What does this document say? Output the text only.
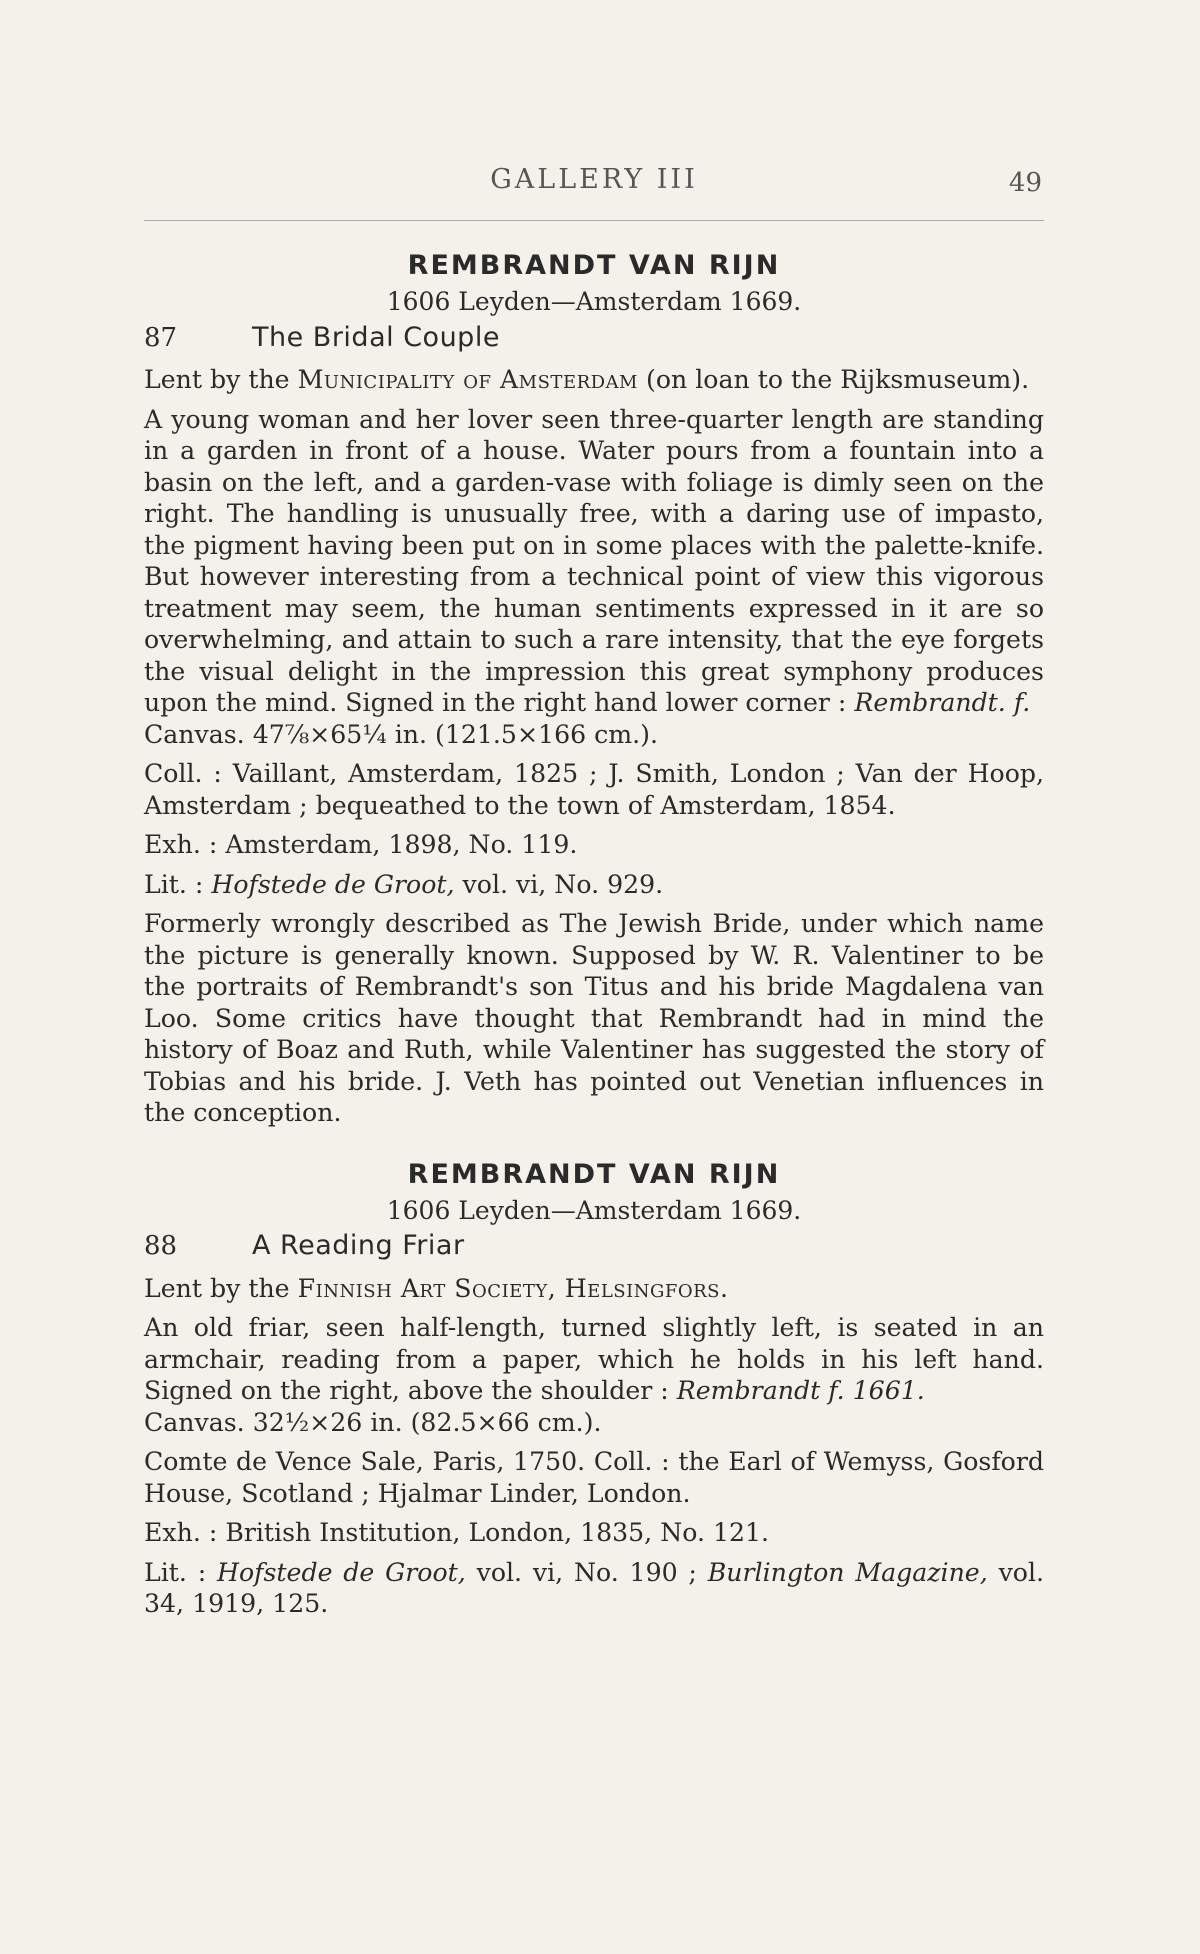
GALLERY III	49
REMBRANDT VAN RIJN
1606 Leyden—Amsterdam 1669.
87	The Bridal Couple

Lent by the Municipality of Amsterdam (on loan to the Rijksmuseum).

A young woman and her lover seen three-quarter length are standing in a garden in front of a house. Water pours from a fountain into a basin on the left, and a garden-vase with foliage is dimly seen on the right. The handling is unusually free, with a daring use of impasto, the pigment having been put on in some places with the palette-knife. But however interesting from a technical point of view this vigorous treatment may seem, the human sentiments expressed in it are so overwhelming, and attain to such a rare intensity, that the eye forgets the visual delight in the impression this great symphony produces upon the mind. Signed in the right hand lower corner : Rembrandt. f.
Canvas. 47⅞×65¼ in. (121.5×166 cm.).

Coll. : Vaillant, Amsterdam, 1825 ; J. Smith, London ; Van der Hoop, Amsterdam ; bequeathed to the town of Amsterdam, 1854.

Exh. : Amsterdam, 1898, No. 119.

Lit. : Hofstede de Groot, vol. vi, No. 929.

Formerly wrongly described as The Jewish Bride, under which name the picture is generally known. Supposed by W. R. Valentiner to be the portraits of Rembrandt's son Titus and his bride Magdalena van Loo. Some critics have thought that Rembrandt had in mind the history of Boaz and Ruth, while Valentiner has suggested the story of Tobias and his bride. J. Veth has pointed out Venetian influences in the conception.

REMBRANDT VAN RIJN
1606 Leyden—Amsterdam 1669.
88	A Reading Friar

Lent by the Finnish Art Society, Helsingfors.

An old friar, seen half-length, turned slightly left, is seated in an armchair, reading from a paper, which he holds in his left hand. Signed on the right, above the shoulder : Rembrandt f. 1661.
Canvas. 32½×26 in. (82.5×66 cm.).

Comte de Vence Sale, Paris, 1750. Coll. : the Earl of Wemyss, Gosford House, Scotland ; Hjalmar Linder, London.

Exh. : British Institution, London, 1835, No. 121.

Lit. : Hofstede de Groot, vol. vi, No. 190 ; Burlington Magazine, vol. 34, 1919, 125.
